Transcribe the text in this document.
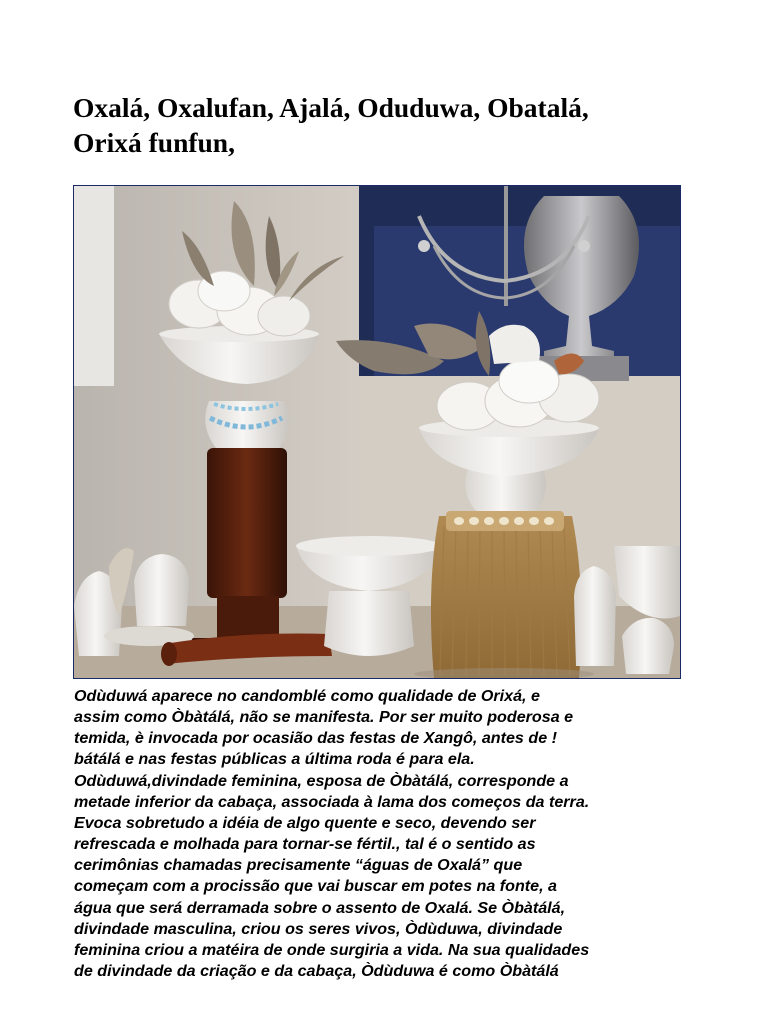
Oxalá, Oxalufan, Ajalá, Oduduwa, Obatalá,
Orixá funfun,
Odùduwá aparece no candomblé como qualidade de Orixá, e
assim como Òbàtálá, não se manifesta. Por ser muito poderosa e
temida, è invocada por ocasião das festas de Xangô, antes de !
bátálá e nas festas públicas a última roda é para ela.
Odùduwá,divindade feminina, esposa de Òbàtálá, corresponde a
metade inferior da cabaça, associada à lama dos começos da terra.
Evoca sobretudo a idéia de algo quente e seco, devendo ser
refrescada e molhada para tornar-se fértil., tal é o sentido as
cerimônias chamadas precisamente “águas de Oxalá” que
começam com a procissão que vai buscar em potes na fonte, a
água que será derramada sobre o assento de Oxalá. Se Òbàtálá,
divindade masculina, criou os seres vivos, Òdùduwa, divindade
feminina criou a matéira de onde surgiria a vida. Na sua qualidades
de divindade da criação e da cabaça, Òdùduwa é como Òbàtálá
